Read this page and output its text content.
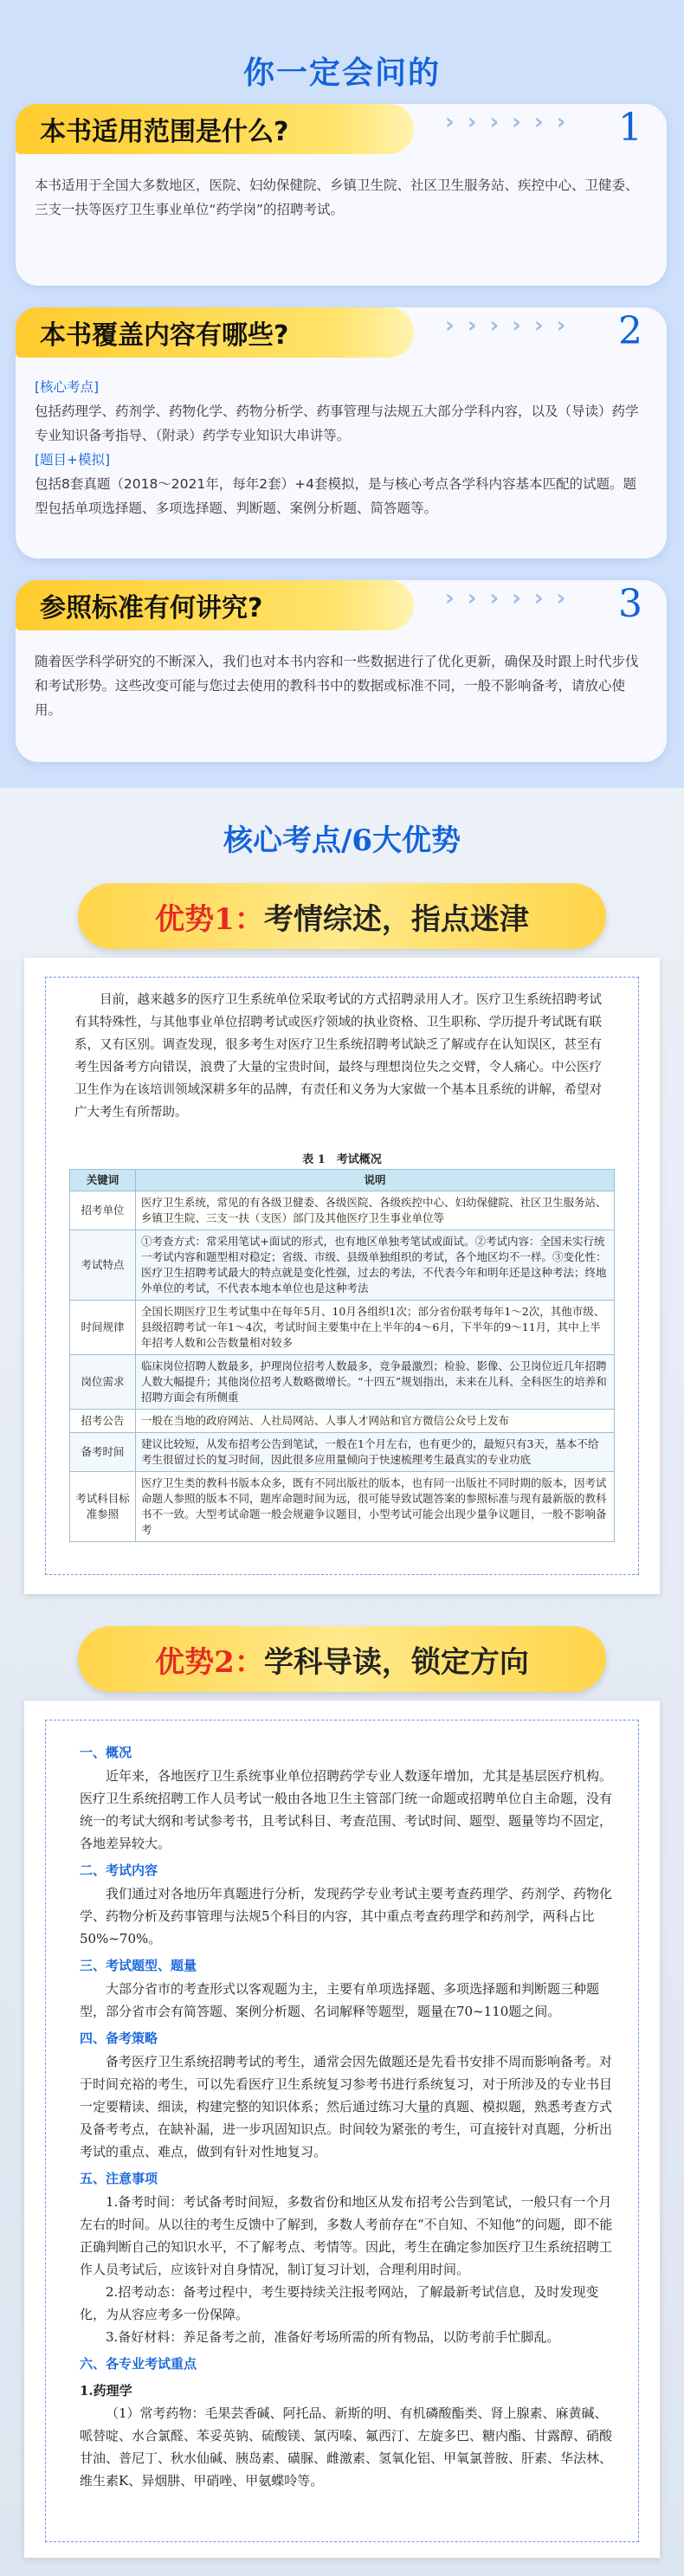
你一定会问的
本书适用范围是什么?	› › › › › › 1
本书适用于全国大多数地区，医院、妇幼保健院、乡镇卫生院、社区卫生服务站、疾控中心、卫健委、三支一扶等医疗卫生事业单位“药学岗”的招聘考试。
本书覆盖内容有哪些?	› › › › › › 2
[核心考点]
包括药理学、药剂学、药物化学、药物分析学、药事管理与法规五大部分学科内容，以及（导读）药学专业知识备考指导、（附录）药学专业知识大串讲等。
[题目+模拟]
包括8套真题（2018～2021年，每年2套）+4套模拟，是与核心考点各学科内容基本匹配的试题。题型包括单项选择题、多项选择题、判断题、案例分析题、简答题等。
参照标准有何讲究?	› › › › › › 3
随着医学科学研究的不断深入，我们也对本书内容和一些数据进行了优化更新，确保及时跟上时代步伐和考试形势。这些改变可能与您过去使用的教科书中的数据或标准不同，一般不影响备考，请放心使用。
核心考点/6大优势
优势1： 考情综述，指点迷津
目前，越来越多的医疗卫生系统单位采取考试的方式招聘录用人才。医疗卫生系统招聘考试有其特殊性，与其他事业单位招聘考试或医疗领域的执业资格、卫生职称、学历提升考试既有联系，又有区别。调查发现，很多考生对医疗卫生系统招聘考试缺乏了解或存在认知误区，甚至有考生因备考方向错误，浪费了大量的宝贵时间，最终与理想岗位失之交臂，令人痛心。中公医疗卫生作为在该培训领域深耕多年的品牌，有责任和义务为大家做一个基本且系统的讲解，希望对广大考生有所帮助。
表 1　考试概况
关键词	说明
招考单位	医疗卫生系统，常见的有各级卫健委、各级医院、各级疾控中心、妇幼保健院、社区卫生服务站、乡镇卫生院、三支一扶（支医）部门及其他医疗卫生事业单位等
考试特点	①考查方式：常采用笔试+面试的形式，也有地区单独考笔试或面试。②考试内容：全国未实行统一考试内容和题型相对稳定；省级、市级、县级单独组织的考试，各个地区均不一样。③变化性：医疗卫生招聘考试最大的特点就是变化性强，过去的考法，不代表今年和明年还是这种考法；终地外单位的考试，不代表本地本单位也是这种考法
时间规律	全国长期医疗卫生考试集中在每年5月、10月各组织1次；部分省份联考每年1～2次，其他市级、县级招聘考试一年1～4次，考试时间主要集中在上半年的4～6月，下半年的9～11月，其中上半年招考人数和公告数量相对较多
岗位需求	临床岗位招聘人数最多，护理岗位招考人数最多，竞争最激烈；检验、影像、公卫岗位近几年招聘人数大幅提升；其他岗位招考人数略微增长。“十四五”规划指出，未来在儿科、全科医生的培养和招聘方面会有所侧重
招考公告	一般在当地的政府网站、人社局网站、人事人才网站和官方微信公众号上发布
备考时间	建议比较短，从发布招考公告到笔试，一般在1个月左右，也有更少的，最短只有3天，基本不给考生很留过长的复习时间，因此很多应用量倾向于快速梳理考生最真实的专业功底
考试科目标准参照	医疗卫生类的教科书版本众多，既有不同出版社的版本，也有同一出版社不同时期的版本，因考试命题人参照的版本不同，题库命题时间为远，很可能导致试题答案的参照标准与现有最新版的教科书不一致。大型考试命题一般会规避争议题目，小型考试可能会出现少量争议题目，一般不影响备考
优势2： 学科导读，锁定方向
一、概况
近年来，各地医疗卫生系统事业单位招聘药学专业人数逐年增加，尤其是基层医疗机构。医疗卫生系统招聘工作人员考试一般由各地卫生主管部门统一命题或招聘单位自主命题，没有统一的考试大纲和考试参考书，且考试科目、考查范围、考试时间、题型、题量等均不固定，各地差异较大。
二、考试内容
我们通过对各地历年真题进行分析，发现药学专业考试主要考查药理学、药剂学、药物化学、药物分析及药事管理与法规5个科目的内容，其中重点考查药理学和药剂学，两科占比50%~70%。
三、考试题型、题量
大部分省市的考查形式以客观题为主，主要有单项选择题、多项选择题和判断题三种题型，部分省市会有简答题、案例分析题、名词解释等题型，题量在70~110题之间。
四、备考策略
备考医疗卫生系统招聘考试的考生，通常会因先做题还是先看书安排不周而影响备考。对于时间充裕的考生，可以先看医疗卫生系统复习参考书进行系统复习，对于所涉及的专业书目一定要精读、细读，构建完整的知识体系；然后通过练习大量的真题、模拟题，熟悉考查方式及备考考点，在缺补漏，进一步巩固知识点。时间较为紧张的考生，可直接针对真题，分析出考试的重点、难点，做到有针对性地复习。
五、注意事项
1.备考时间：考试备考时间短，多数省份和地区从发布招考公告到笔试，一般只有一个月左右的时间。从以往的考生反馈中了解到，多数人考前存在“不自知、不知他”的问题，即不能正确判断自己的知识水平，不了解考点、考情等。因此，考生在确定参加医疗卫生系统招聘工作人员考试后，应该针对自身情况，制订复习计划，合理利用时间。
2.招考动态：备考过程中，考生要持续关注报考网站，了解最新考试信息，及时发现变化，为从容应考多一份保障。
3.备好材料：养足备考之前，准备好考场所需的所有物品，以防考前手忙脚乱。
六、各专业考试重点
1.药理学
（1）常考药物：毛果芸香碱、阿托品、新斯的明、有机磷酸酯类、肾上腺素、麻黄碱、哌替啶、水合氯醛、苯妥英钠、硫酸镁、氯丙嗪、氟西汀、左旋多巴、糖内酯、甘露醇、硝酸甘油、普尼丁、秋水仙碱、胰岛素、磺脲、雌激素、氢氧化铝、甲氧氯普胺、肝素、华法林、维生素K、异烟肼、甲硝唑、甲氨蝶呤等。
